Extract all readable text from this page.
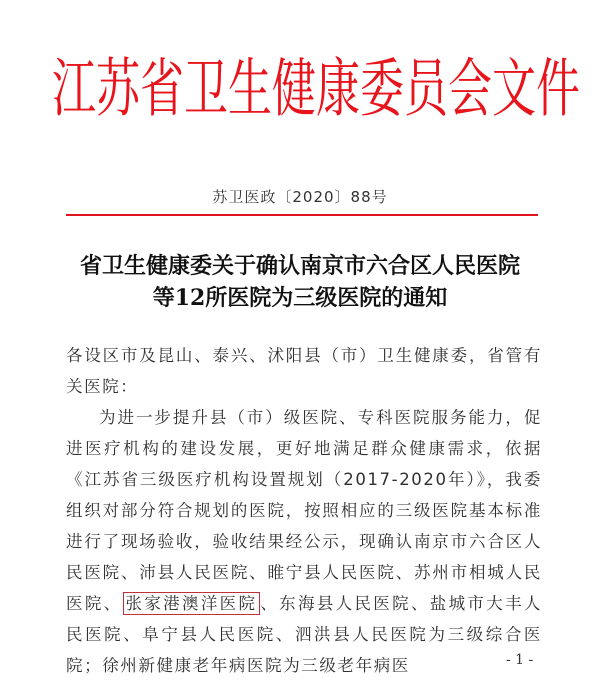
江 苏 省 卫 生 健 康 委 员 会 文 件
苏卫医政〔2020〕88号
省卫生健康委关于确认南京市六合区人民医院
等12所医院为三级医院的通知

各设区市及昆山、泰兴、沭阳县（市）卫生健康委，省管有关医院：

为进一步提升县（市）级医院、专科医院服务能力，促进医疗机构的建设发展，更好地满足群众健康需求，依据《江苏省三级医疗机构设置规划（2017-2020年）》，我委组织对部分符合规划的医院，按照相应的三级医院基本标准进行了现场验收，验收结果经公示，现确认南京市六合区人民医院、沛县人民医院、睢宁县人民医院、苏州市相城人民医院、 张家港澳洋医院 、东海县人民医院、盐城市大丰人民医院、阜宁县人民医院、泗洪县人民医院为三级综合医院；徐州新健康老年病医院为三级老年病医	- 1 -
